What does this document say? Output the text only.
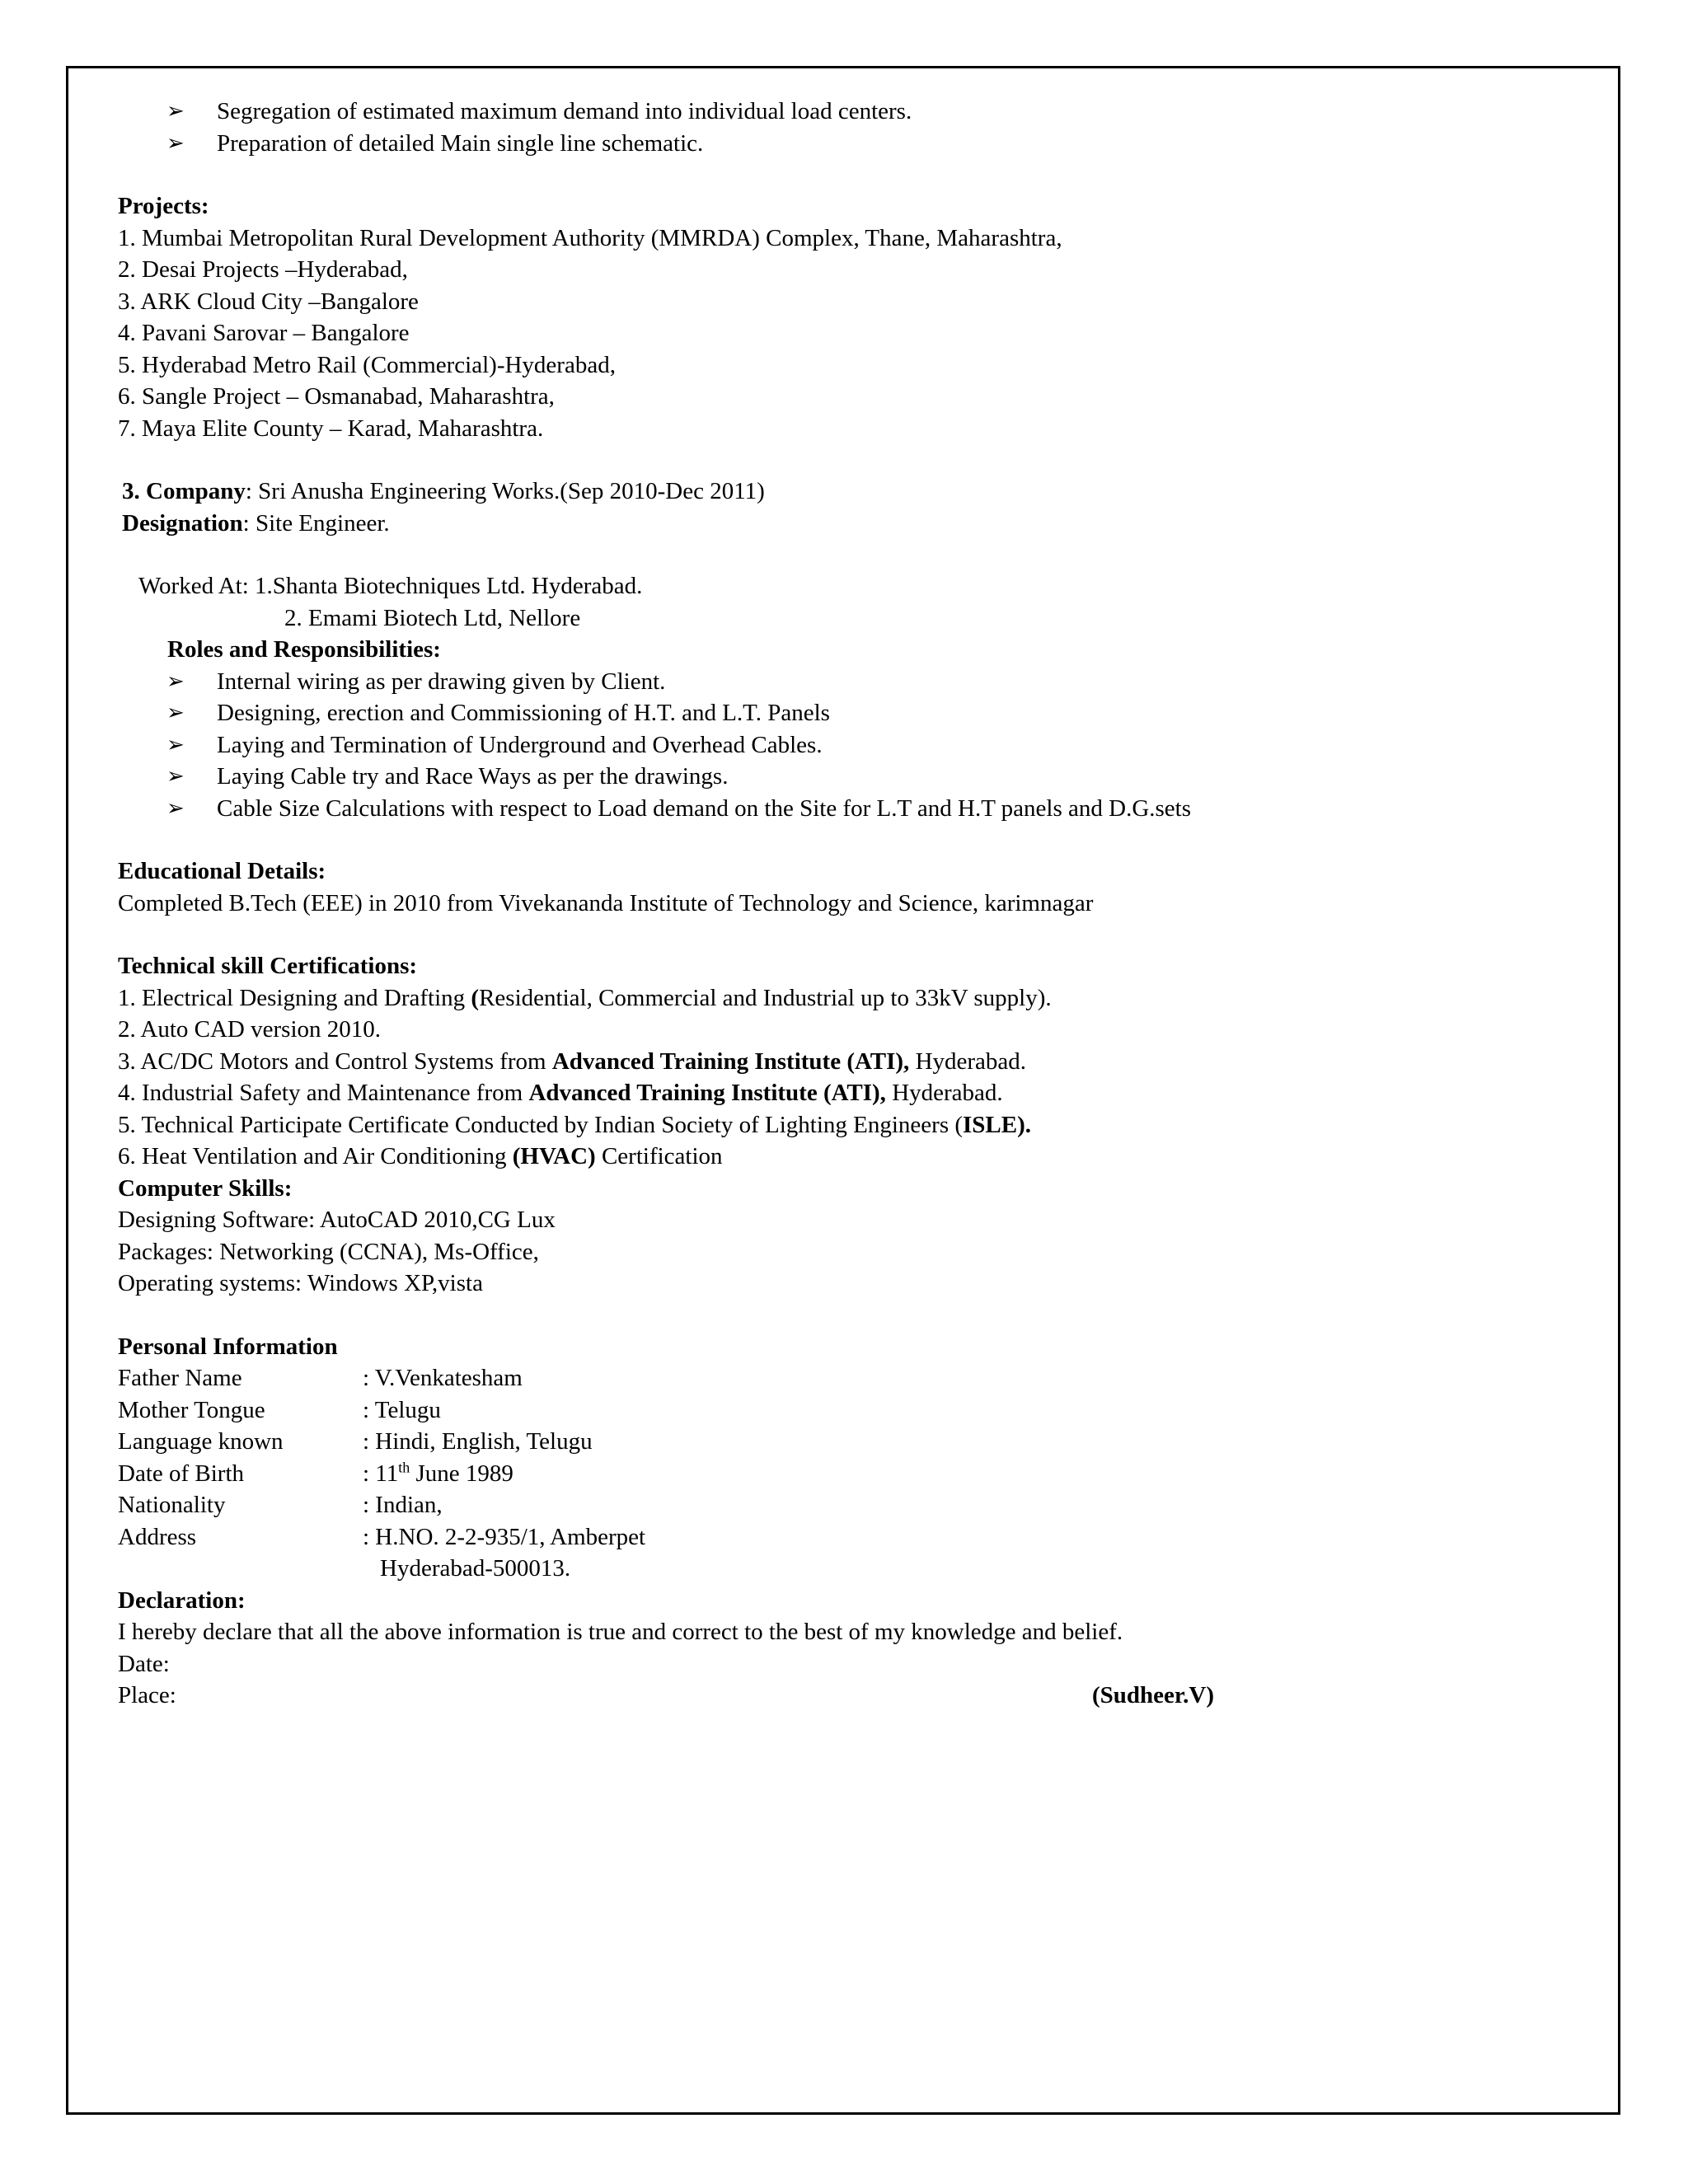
➢ Segregation of estimated maximum demand into individual load centers.
➢ Preparation of detailed Main single line schematic.
Projects:
1. Mumbai Metropolitan Rural Development Authority (MMRDA) Complex, Thane, Maharashtra,
2. Desai Projects –Hyderabad,
3. ARK Cloud City –Bangalore
4. Pavani Sarovar – Bangalore
5. Hyderabad Metro Rail (Commercial)-Hyderabad,
6. Sangle Project – Osmanabad, Maharashtra,
7. Maya Elite County – Karad, Maharashtra.
3. Company: Sri Anusha Engineering Works.(Sep 2010-Dec 2011)
Designation: Site Engineer.
Worked At: 1.Shanta Biotechniques Ltd. Hyderabad.
2. Emami Biotech Ltd, Nellore
Roles and Responsibilities:
➢ Internal wiring as per drawing given by Client.
➢ Designing, erection and Commissioning of H.T. and L.T. Panels
➢ Laying and Termination of Underground and Overhead Cables.
➢ Laying Cable try and Race Ways as per the drawings.
➢ Cable Size Calculations with respect to Load demand on the Site for L.T and H.T panels and D.G.sets
Educational Details:
Completed B.Tech (EEE) in 2010 from Vivekananda Institute of Technology and Science, karimnagar
Technical skill Certifications:
1. Electrical Designing and Drafting (Residential, Commercial and Industrial up to 33kV supply).
2. Auto CAD version 2010.
3. AC/DC Motors and Control Systems from Advanced Training Institute (ATI), Hyderabad.
4. Industrial Safety and Maintenance from Advanced Training Institute (ATI), Hyderabad.
5. Technical Participate Certificate Conducted by Indian Society of Lighting Engineers (ISLE).
6. Heat Ventilation and Air Conditioning (HVAC) Certification
Computer Skills:
Designing Software: AutoCAD 2010,CG Lux
Packages: Networking (CCNA), Ms-Office,
Operating systems: Windows XP,vista
Personal Information
Father Name	: V.Venkatesham
Mother Tongue	: Telugu
Language known	: Hindi, English, Telugu
Date of Birth	: 11th June 1989
Nationality	: Indian,
Address	: H.NO. 2-2-935/1, Amberpet
Hyderabad-500013.
Declaration:
I hereby declare that all the above information is true and correct to the best of my knowledge and belief.
Date:
Place:	(Sudheer.V)
